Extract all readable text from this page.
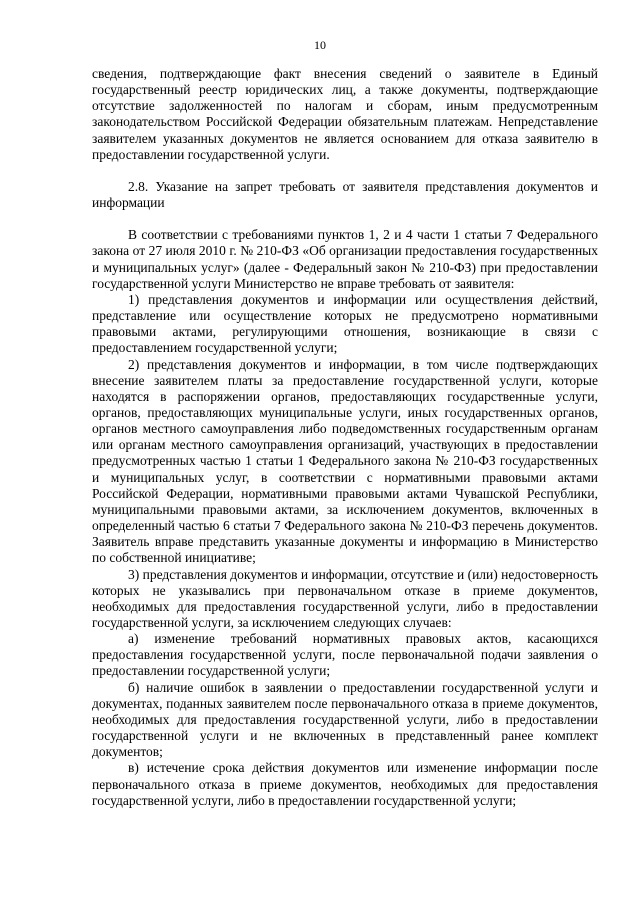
10

сведения, подтверждающие факт внесения сведений о заявителе в Единый государственный реестр юридических лиц, а также документы, подтверждающие отсутствие задолженностей по налогам и сборам, иным предусмотренным законодательством Российской Федерации обязательным платежам. Непредставление заявителем указанных документов не является основанием для отказа заявителю в предоставлении государственной услуги.

2.8. Указание на запрет требовать от заявителя представления документов и информации

В соответствии с требованиями пунктов 1, 2 и 4 части 1 статьи 7 Федерального закона от 27 июля 2010 г. № 210-ФЗ «Об организации предоставления государственных и муниципальных услуг» (далее - Федеральный закон № 210-ФЗ) при предоставлении государственной услуги Министерство не вправе требовать от заявителя:

1) представления документов и информации или осуществления действий, представление или осуществление которых не предусмотрено нормативными правовыми актами, регулирующими отношения, возникающие в связи с предоставлением государственной услуги;

2) представления документов и информации, в том числе подтверждающих внесение заявителем платы за предоставление государственной услуги, которые находятся в распоряжении органов, предоставляющих государственные услуги, органов, предоставляющих муниципальные услуги, иных государственных органов, органов местного самоуправления либо подведомственных государственным органам или органам местного самоуправления организаций, участвующих в предоставлении предусмотренных частью 1 статьи 1 Федерального закона № 210-ФЗ государственных и муниципальных услуг, в соответствии с нормативными правовыми актами Российской Федерации, нормативными правовыми актами Чувашской Республики, муниципальными правовыми актами, за исключением документов, включенных в определенный частью 6 статьи 7 Федерального закона № 210-ФЗ перечень документов. Заявитель вправе представить указанные документы и информацию в Министерство по собственной инициативе;

3) представления документов и информации, отсутствие и (или) недостоверность которых не указывались при первоначальном отказе в приеме документов, необходимых для предоставления государственной услуги, либо в предоставлении государственной услуги, за исключением следующих случаев:

а) изменение требований нормативных правовых актов, касающихся предоставления государственной услуги, после первоначальной подачи заявления о предоставлении государственной услуги;

б) наличие ошибок в заявлении о предоставлении государственной услуги и документах, поданных заявителем после первоначального отказа в приеме документов, необходимых для предоставления государственной услуги, либо в предоставлении государственной услуги и не включенных в представленный ранее комплект документов;

в) истечение срока действия документов или изменение информации после первоначального отказа в приеме документов, необходимых для предоставления государственной услуги, либо в предоставлении государственной услуги;
